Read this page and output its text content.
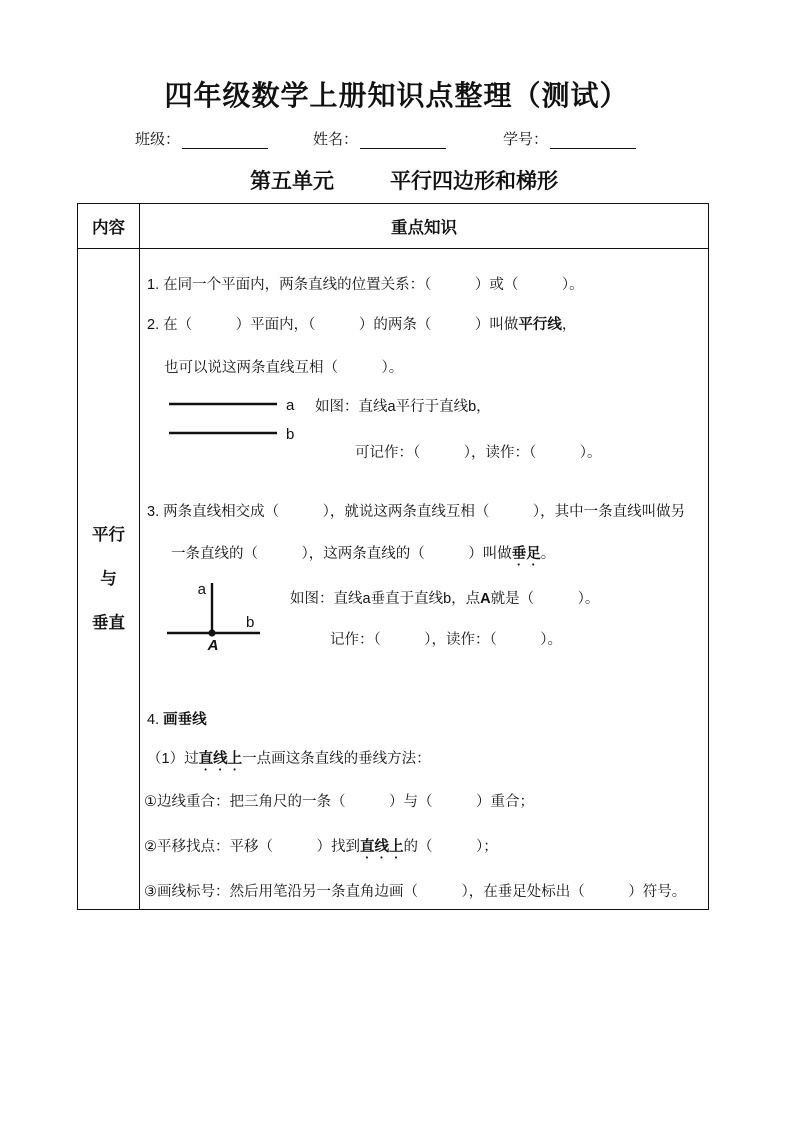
四年级数学上册知识点整理（测试）
班级：	姓名：	学号：
第五单元	平行四边形和梯形
内容	重点知识
平行
与
垂直
1. 在同一个平面内，两条直线的位置关系：（　　　）或（　　　）。
2. 在（　　　）平面内，（　　　）的两条（　　　）叫做平行线，
也可以说这两条直线互相（　　　）。
a
b
如图：直线a平行于直线b，
可记作：（　　　），读作：（　　　）。
3. 两条直线相交成（　　　），就说这两条直线互相（　　　），其中一条直线叫做另
一条直线的（　　　），这两条直线的（　　　）叫做垂足。
a
b
A
如图：直线a垂直于直线b，点A就是（　　　）。
记作：（　　　），读作：（　　　）。
4. 画垂线
（1）过直线上一点画这条直线的垂线方法：
①边线重合：把三角尺的一条（　　　）与（　　　）重合；
②平移找点：平移（　　　）找到直线上的（　　　）；
③画线标号：然后用笔沿另一条直角边画（　　　），在垂足处标出（　　　）符号。
